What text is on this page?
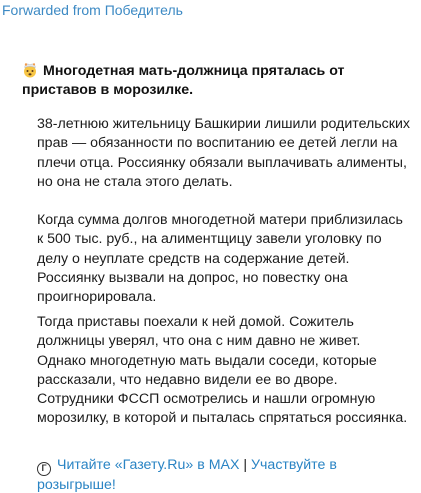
Forwarded from Победитель
Многодетная мать-должница пряталась от приставов в морозилке.
38-летнюю жительницу Башкирии лишили родительских прав — обязанности по воспитанию ее детей легли на плечи отца. Россиянку обязали выплачивать алименты, но она не стала этого делать.
Когда сумма долгов многодетной матери приблизилась к 500 тыс. руб., на алиментщицу завели уголовку по делу о неуплате средств на содержание детей. Россиянку вызвали на допрос, но повестку она проигнорировала.
Тогда приставы поехали к ней домой. Сожитель должницы уверял, что она с ним давно не живет. Однако многодетную мать выдали соседи, которые рассказали, что недавно видели ее во дворе. Сотрудники ФССП осмотрелись и нашли огромную морозилку, в которой и пыталась спрятаться россиянка.
Г Читайте «Газету.Ru» в MAX | Участвуйте в розыгрыше!
